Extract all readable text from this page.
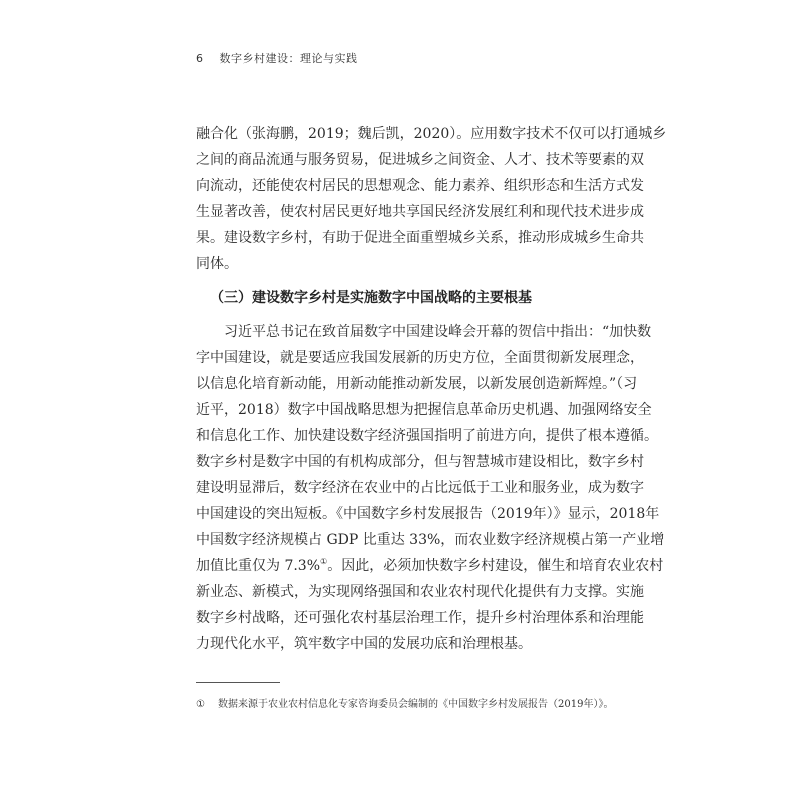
6 数字乡村建设：理论与实践
融合化（张海鹏，2019；魏后凯，2020）。应用数字技术不仅可以打通城乡
之间的商品流通与服务贸易，促进城乡之间资金、人才、技术等要素的双
向流动，还能使农村居民的思想观念、能力素养、组织形态和生活方式发
生显著改善，使农村居民更好地共享国民经济发展红利和现代技术进步成
果。建设数字乡村，有助于促进全面重塑城乡关系，推动形成城乡生命共
同体。
（三）建设数字乡村是实施数字中国战略的主要根基
习近平总书记在致首届数字中国建设峰会开幕的贺信中指出：“加快数
字中国建设，就是要适应我国发展新的历史方位，全面贯彻新发展理念，
以信息化培育新动能，用新动能推动新发展，以新发展创造新辉煌。”（习
近平，2018）数字中国战略思想为把握信息革命历史机遇、加强网络安全
和信息化工作、加快建设数字经济强国指明了前进方向，提供了根本遵循。
数字乡村是数字中国的有机构成部分，但与智慧城市建设相比，数字乡村
建设明显滞后，数字经济在农业中的占比远低于工业和服务业，成为数字
中国建设的突出短板。《中国数字乡村发展报告（2019年）》显示，2018年
中国数字经济规模占 GDP 比重达 33%，而农业数字经济规模占第一产业增
加值比重仅为 7.3%①。因此，必须加快数字乡村建设，催生和培育农业农村
新业态、新模式，为实现网络强国和农业农村现代化提供有力支撑。实施
数字乡村战略，还可强化农村基层治理工作，提升乡村治理体系和治理能
力现代化水平，筑牢数字中国的发展功底和治理根基。
① 数据来源于农业农村信息化专家咨询委员会编制的《中国数字乡村发展报告（2019年）》。
